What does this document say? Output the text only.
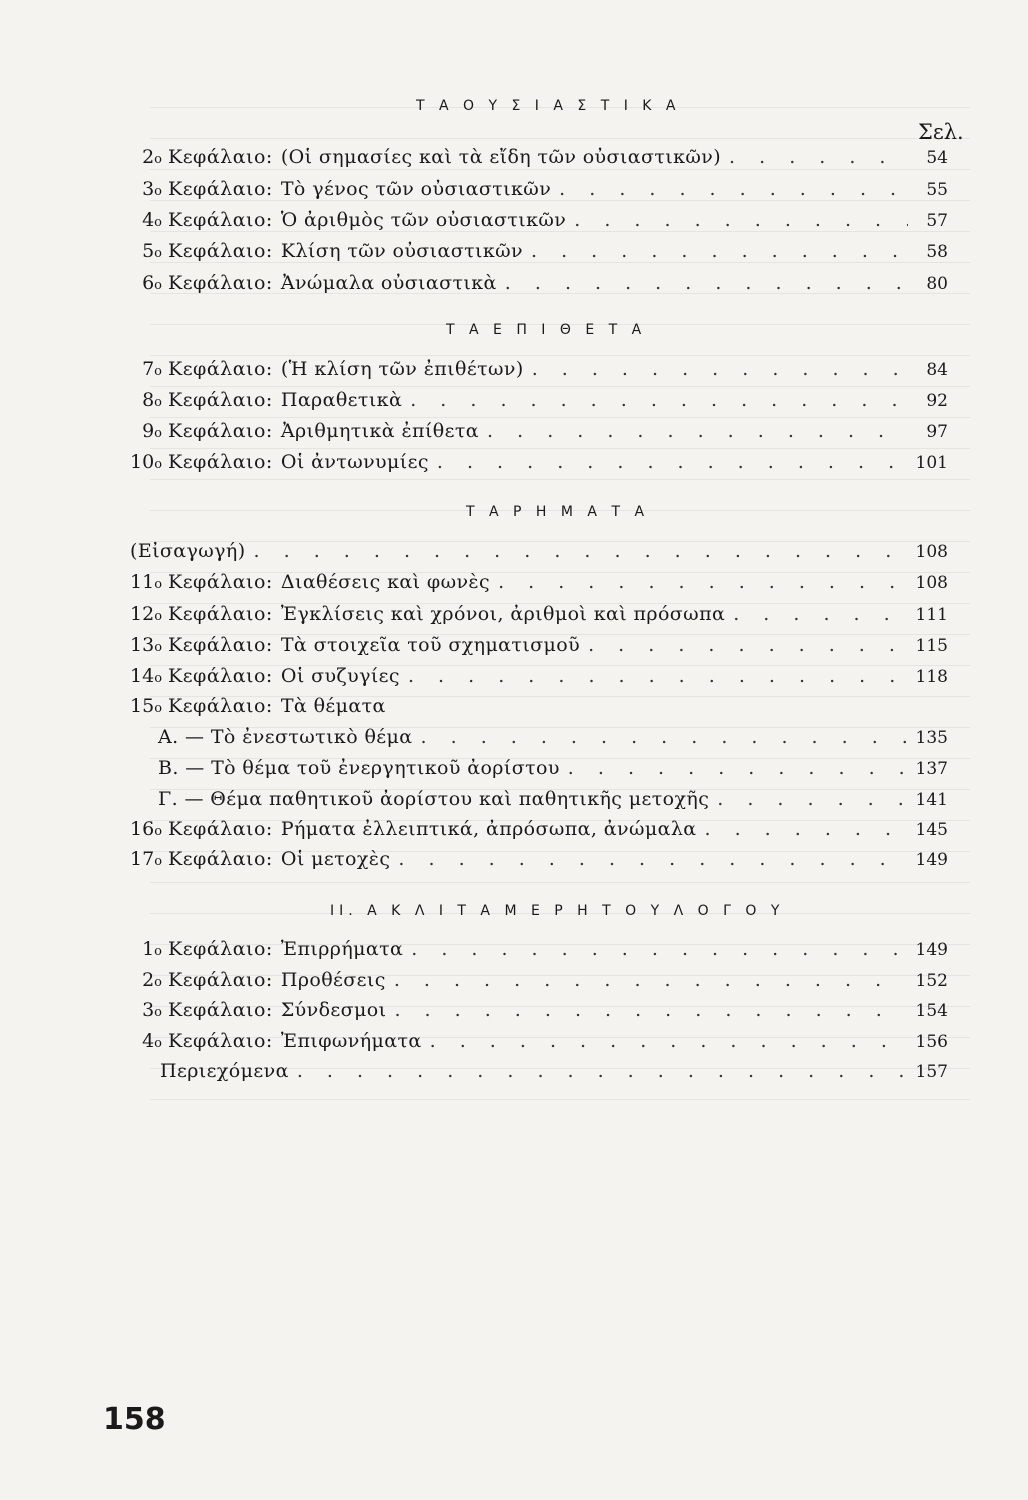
Τ Α Ο Υ Σ Ι Α Σ Τ Ι Κ Α
Σελ.
2ο Κεφάλαιο: (Οἱ σημασίες καὶ τὰ εἴδη τῶν οὐσιαστικῶν) . . .	54
3ο Κεφάλαιο: Τὸ γένος τῶν οὐσιαστικῶν . . .	55
4ο Κεφάλαιο: Ὁ ἀριθμὸς τῶν οὐσιαστικῶν . . .	57
5ο Κεφάλαιο: Κλίση τῶν οὐσιαστικῶν . . .	58
6ο Κεφάλαιο: Ἀνώμαλα οὐσιαστικὰ . . .	80
Τ Α Ε Π Ι Θ Ε Τ Α
7ο Κεφάλαιο: (Ἡ κλίση τῶν ἐπιθέτων) . . .	84
8ο Κεφάλαιο: Παραθετικὰ . . .	92
9ο Κεφάλαιο: Ἀριθμητικὰ ἐπίθετα . . .	97
10ο Κεφάλαιο: Οἱ ἀντωνυμίες . . .	101
Τ Α Ρ Η Μ Α Τ Α
(Εἰσαγωγή) . . .	108
11ο Κεφάλαιο: Διαθέσεις καὶ φωνὲς . . .	108
12ο Κεφάλαιο: Ἐγκλίσεις καὶ χρόνοι, ἀριθμοὶ καὶ πρόσωπα . . .	111
13ο Κεφάλαιο: Τὰ στοιχεῖα τοῦ σχηματισμοῦ . . .	115
14ο Κεφάλαιο: Οἱ συζυγίες . . .	118
15ο Κεφάλαιο: Τὰ θέματα
Α. — Τὸ ἐνεστωτικὸ θέμα . . .	135
Β. — Τὸ θέμα τοῦ ἐνεργητικοῦ ἀορίστου . . .	137
Γ. — Θέμα παθητικοῦ ἀορίστου καὶ παθητικῆς μετοχῆς . . .	141
16ο Κεφάλαιο: Ρήματα ἐλλειπτικά, ἀπρόσωπα, ἀνώμαλα . . .	145
17ο Κεφάλαιο: Οἱ μετοχὲς . . .	149
ΙΙ. Α Κ Λ Ι Τ Α Μ Ε Ρ Η Τ Ο Υ Λ Ο Γ Ο Υ
1ο Κεφάλαιο: Ἐπιρρήματα . . .	149
2ο Κεφάλαιο: Προθέσεις . . .	152
3ο Κεφάλαιο: Σύνδεσμοι . . .	154
4ο Κεφάλαιο: Ἐπιφωνήματα . . .	156
Περιεχόμενα . . .	157
158
